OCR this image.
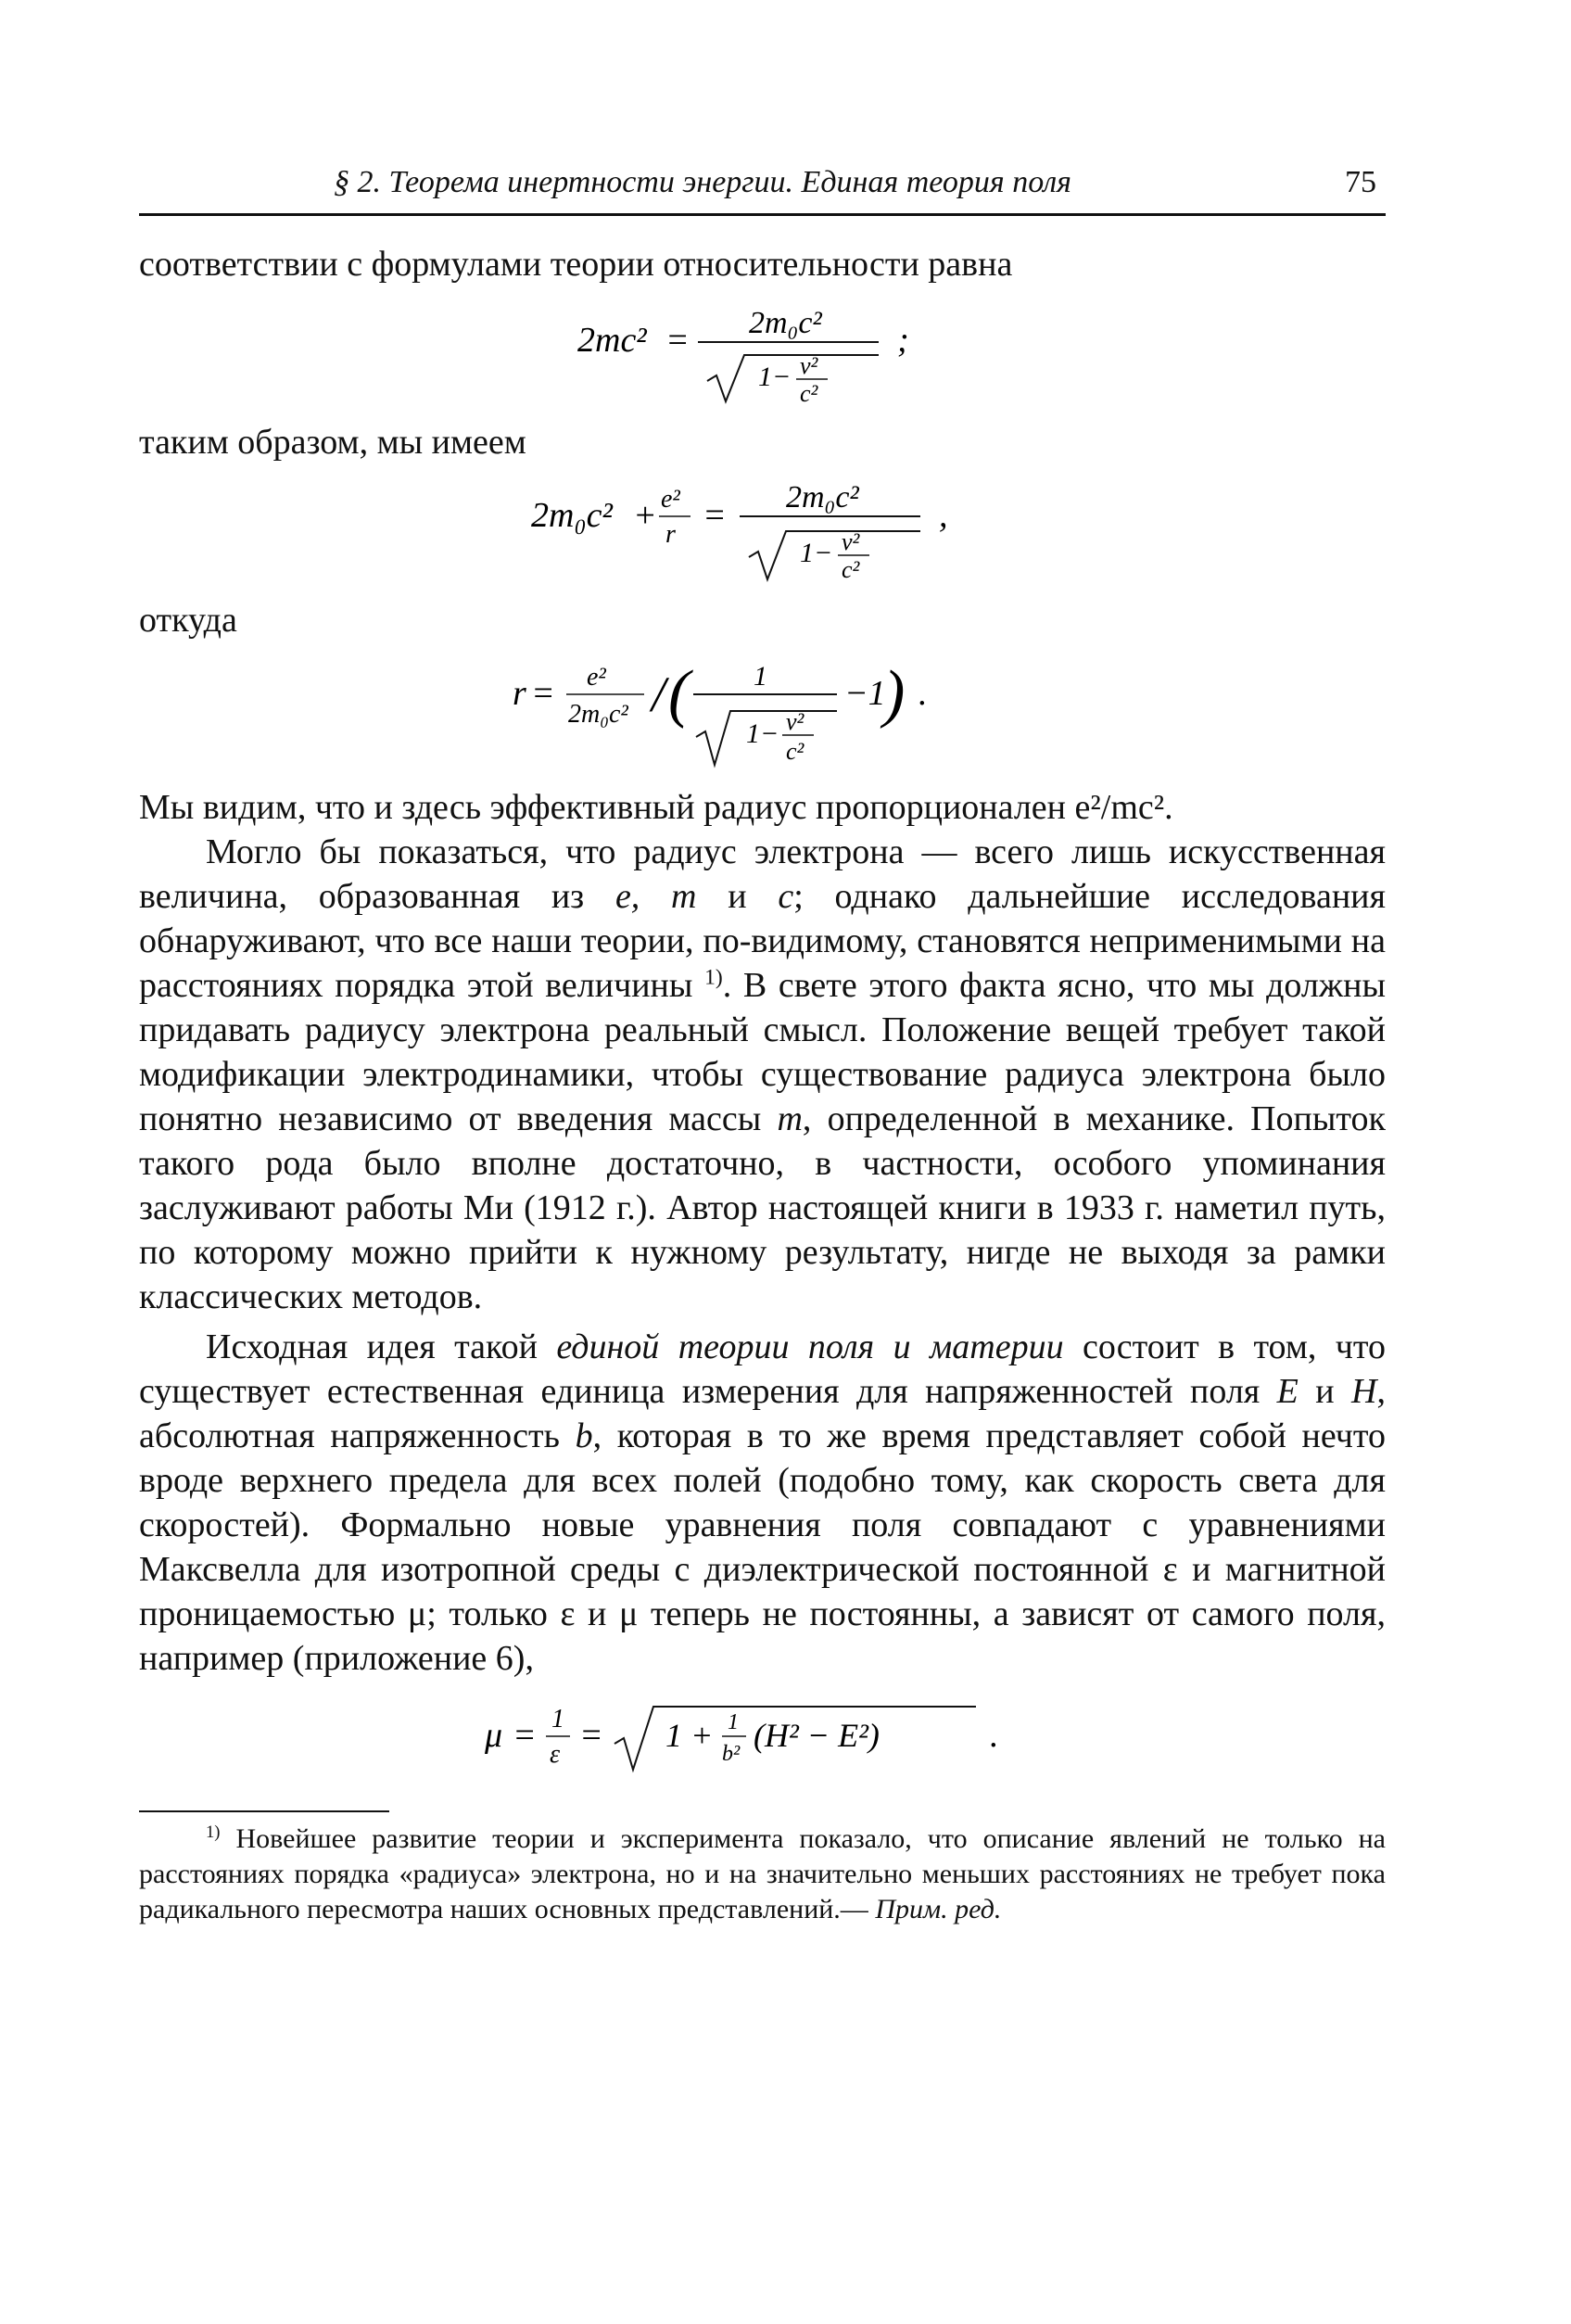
§ 2. Теорема инертности энергии. Единая теория поля	75

соответствии с формулами теории относительности равна

2mc² = 2m₀c²
1− v²
c²
;

таким образом, мы имеем

2m₀c² + e²
r = 2m₀c²
1− v²
c²
,

откуда

r = e²
2m₀c² / ( 1
1− v²
c²
−1
) .

Мы видим, что и здесь эффективный радиус пропорционален e²/mc².

Могло бы показаться, что радиус электрона — всего лишь искусственная величина, образованная из e, m и c; однако дальнейшие исследования обнаруживают, что все наши теории, по-видимому, становятся неприменимыми на расстояниях порядка этой величины $^{1)}$. В свете этого факта ясно, что мы должны придавать радиусу электрона реальный смысл. Положение вещей требует такой модификации электродинамики, чтобы существование радиуса электрона было понятно независимо от введения массы m, определенной в механике. Попыток такого рода было вполне достаточно, в частности, особого упоминания заслуживают работы Ми (1912 г.). Автор настоящей книги в 1933 г. наметил путь, по которому можно прийти к нужному результату, нигде не выходя за рамки классических методов.

Исходная идея такой единой теории поля и материи состоит в том, что существует естественная единица измерения для напряженностей поля E и H, абсолютная напряженность b, которая в то же время представляет собой нечто вроде верхнего предела для всех полей (подобно тому, как скорость света для скоростей). Формально новые уравнения поля совпадают с уравнениями Максвелла для изотропной среды с диэлектрической постоянной ε и магнитной проницаемостью μ; только ε и μ теперь не постоянны, а зависят от самого поля, например (приложение 6),

μ = 1
ε = 1 + 1
b² (H² − E²)	.

$^{1)}$ Новейшее развитие теории и эксперимента показало, что описание явлений не только на расстояниях порядка «радиуса» электрона, но и на значительно меньших расстояниях не требует пока радикального пересмотра наших основных представлений.— Прим. ред.
